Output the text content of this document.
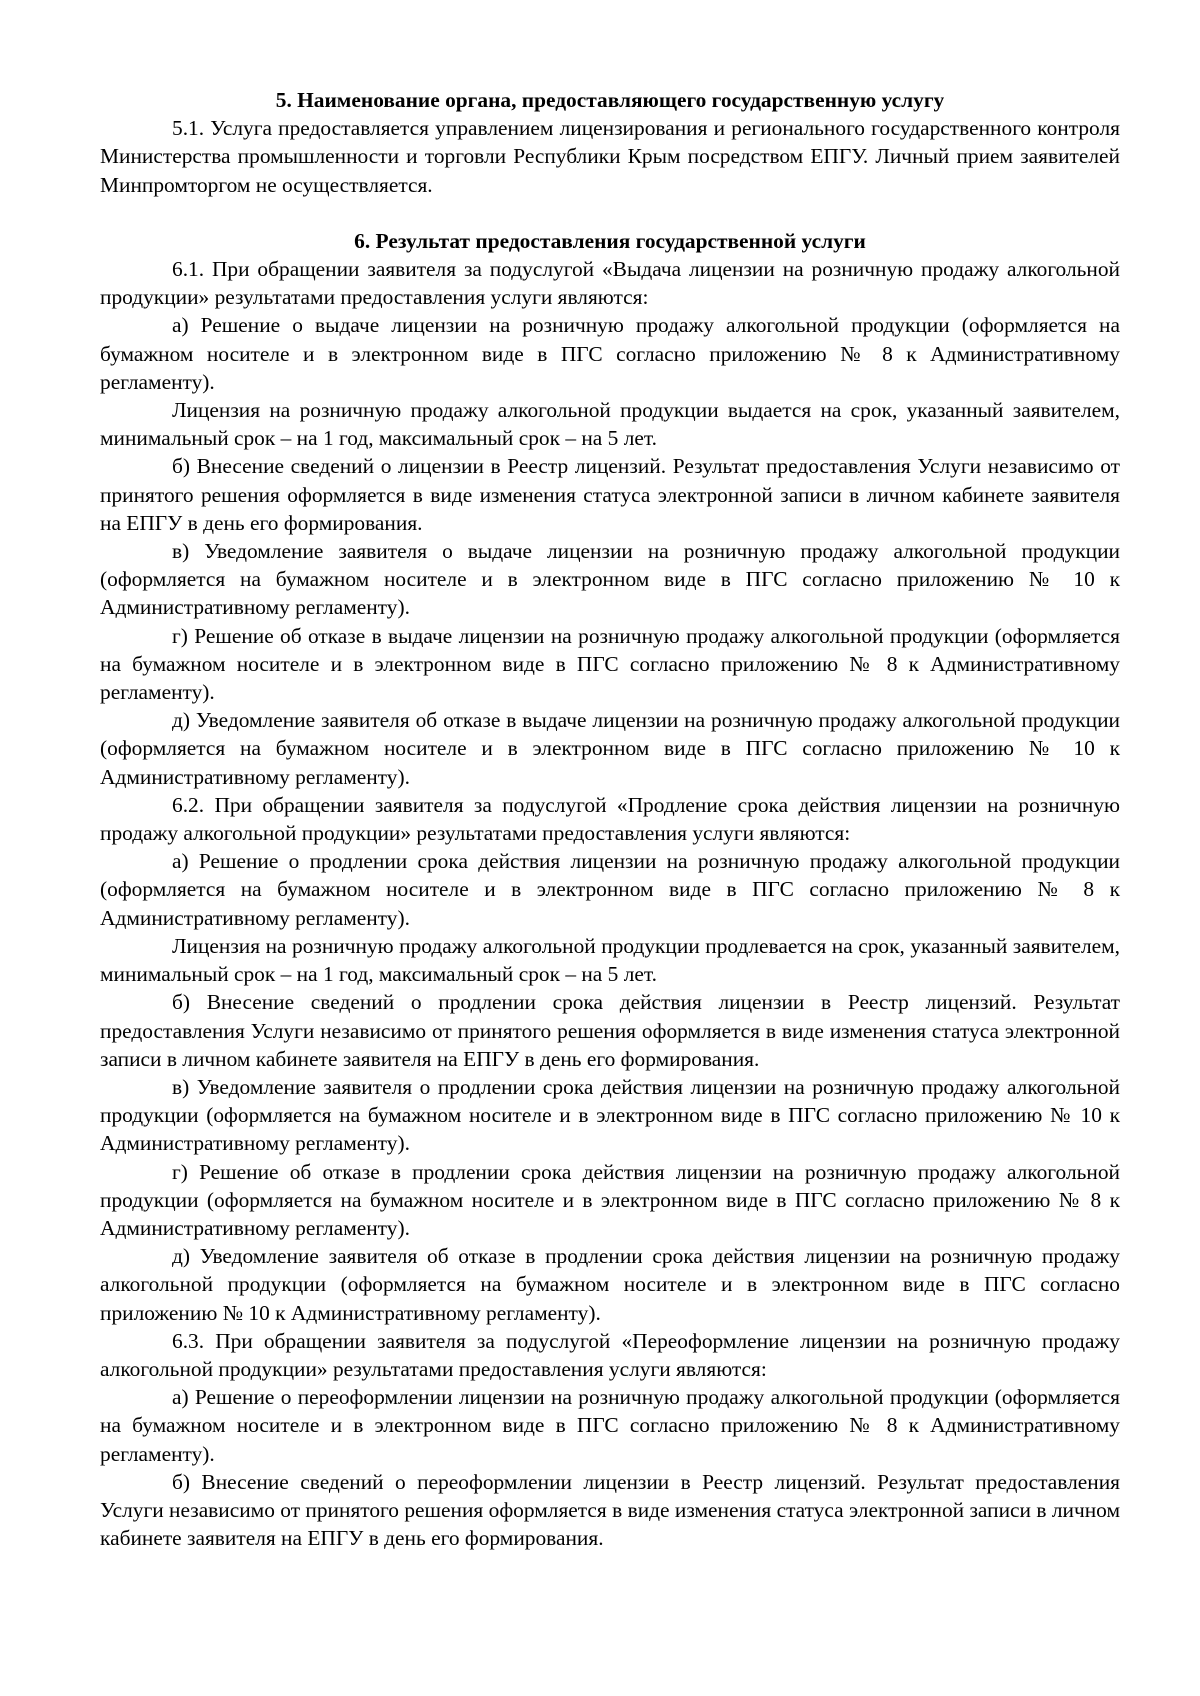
5. Наименование органа, предоставляющего государственную услугу

5.1. Услуга предоставляется управлением лицензирования и регионального государственного контроля Министерства промышленности и торговли Республики Крым посредством ЕПГУ. Личный прием заявителей Минпромторгом не осуществляется.

6. Результат предоставления государственной услуги

6.1. При обращении заявителя за подуслугой «Выдача лицензии на розничную продажу алкогольной продукции» результатами предоставления услуги являются:

а) Решение о выдаче лицензии на розничную продажу алкогольной продукции (оформляется на бумажном носителе и в электронном виде в ПГС согласно приложению № 8 к Административному регламенту).

Лицензия на розничную продажу алкогольной продукции выдается на срок, указанный заявителем, минимальный срок – на 1 год, максимальный срок – на 5 лет.

б) Внесение сведений о лицензии в Реестр лицензий. Результат предоставления Услуги независимо от принятого решения оформляется в виде изменения статуса электронной записи в личном кабинете заявителя на ЕПГУ в день его формирования.

в) Уведомление заявителя о выдаче лицензии на розничную продажу алкогольной продукции (оформляется на бумажном носителе и в электронном виде в ПГС согласно приложению № 10 к Административному регламенту).

г) Решение об отказе в выдаче лицензии на розничную продажу алкогольной продукции (оформляется на бумажном носителе и в электронном виде в ПГС согласно приложению № 8 к Административному регламенту).

д) Уведомление заявителя об отказе в выдаче лицензии на розничную продажу алкогольной продукции (оформляется на бумажном носителе и в электронном виде в ПГС согласно приложению № 10 к Административному регламенту).

6.2. При обращении заявителя за подуслугой «Продление срока действия лицензии на розничную продажу алкогольной продукции» результатами предоставления услуги являются:

а) Решение о продлении срока действия лицензии на розничную продажу алкогольной продукции (оформляется на бумажном носителе и в электронном виде в ПГС согласно приложению № 8 к Административному регламенту).

Лицензия на розничную продажу алкогольной продукции продлевается на срок, указанный заявителем, минимальный срок – на 1 год, максимальный срок – на 5 лет.

б) Внесение сведений о продлении срока действия лицензии в Реестр лицензий. Результат предоставления Услуги независимо от принятого решения оформляется в виде изменения статуса электронной записи в личном кабинете заявителя на ЕПГУ в день его формирования.

в) Уведомление заявителя о продлении срока действия лицензии на розничную продажу алкогольной продукции (оформляется на бумажном носителе и в электронном виде в ПГС согласно приложению № 10 к Административному регламенту).

г) Решение об отказе в продлении срока действия лицензии на розничную продажу алкогольной продукции (оформляется на бумажном носителе и в электронном виде в ПГС согласно приложению № 8 к Административному регламенту).

д) Уведомление заявителя об отказе в продлении срока действия лицензии на розничную продажу алкогольной продукции (оформляется на бумажном носителе и в электронном виде в ПГС согласно приложению № 10 к Административному регламенту).

6.3. При обращении заявителя за подуслугой «Переоформление лицензии на розничную продажу алкогольной продукции» результатами предоставления услуги являются:

а) Решение о переоформлении лицензии на розничную продажу алкогольной продукции (оформляется на бумажном носителе и в электронном виде в ПГС согласно приложению № 8 к Административному регламенту).

б) Внесение сведений о переоформлении лицензии в Реестр лицензий. Результат предоставления Услуги независимо от принятого решения оформляется в виде изменения статуса электронной записи в личном кабинете заявителя на ЕПГУ в день его формирования.
